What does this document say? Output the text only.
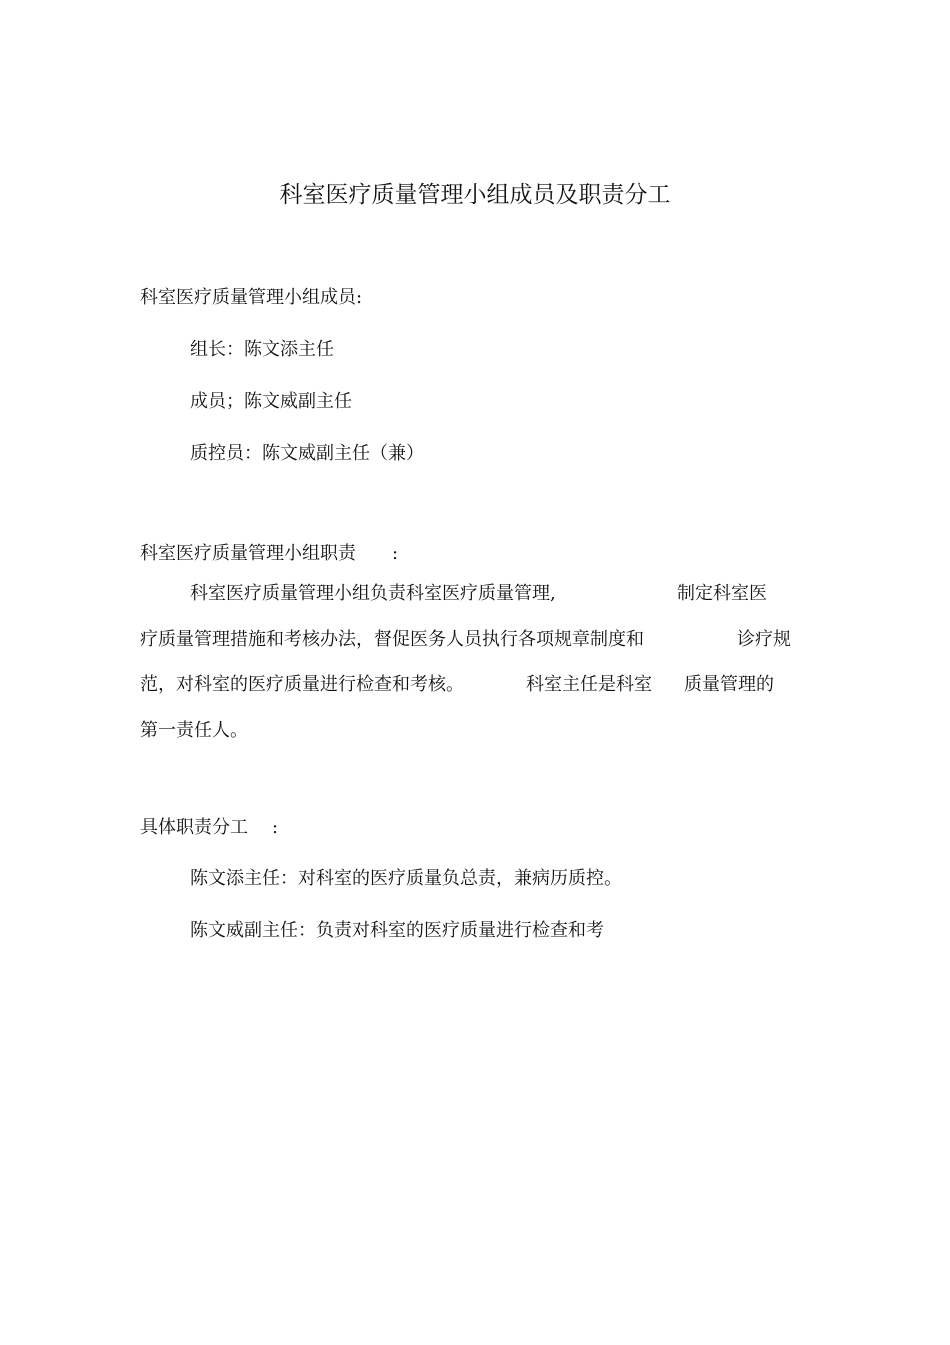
科室医疗质量管理小组成员及职责分工
科室医疗质量管理小组成员:
组长：陈文添主任
成员；陈文威副主任
质控员：陈文威副主任（兼）
科室医疗质量管理小组职责 :
科室医疗质量管理小组负责科室医疗质量管理,	制定科室医
疗质量管理措施和考核办法，督促医务人员执行各项规章制度和	诊疗规
范，对科室的医疗质量进行检查和考核。	科室主任是科室 质量管理的
第一责任人。
具体职责分工 :
陈文添主任：对科室的医疗质量负总责，兼病历质控。
陈文威副主任：负责对科室的医疗质量进行检查和考
